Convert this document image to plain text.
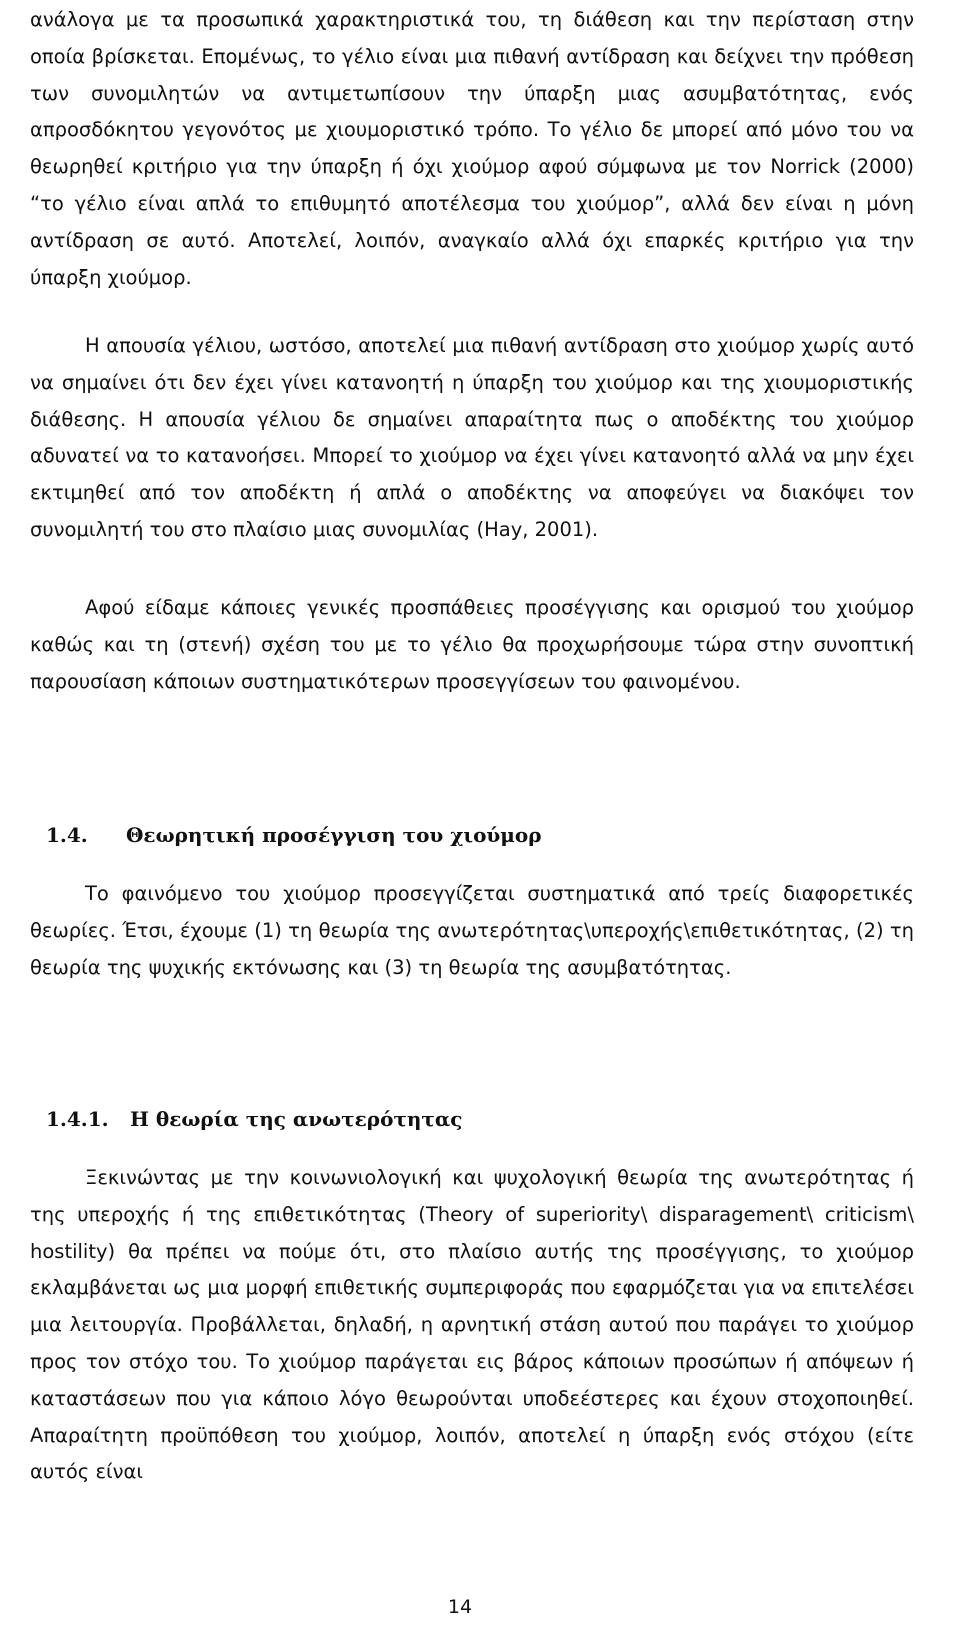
ανάλογα με τα προσωπικά χαρακτηριστικά του, τη διάθεση και την περίσταση στην οποία βρίσκεται. Επομένως, το γέλιο είναι μια πιθανή αντίδραση και δείχνει την πρόθεση των συνομιλητών να αντιμετωπίσουν την ύπαρξη μιας ασυμβατότητας, ενός απροσδόκητου γεγονότος με χιουμοριστικό τρόπο. Το γέλιο δε μπορεί από μόνο του να θεωρηθεί κριτήριο για την ύπαρξη ή όχι χιούμορ αφού σύμφωνα με τον Norrick (2000) “το γέλιο είναι απλά το επιθυμητό αποτέλεσμα του χιούμορ”, αλλά δεν είναι η μόνη αντίδραση σε αυτό. Αποτελεί, λοιπόν, αναγκαίο αλλά όχι επαρκές κριτήριο για την ύπαρξη χιούμορ.

Η απουσία γέλιου, ωστόσο, αποτελεί μια πιθανή αντίδραση στο χιούμορ χωρίς αυτό να σημαίνει ότι δεν έχει γίνει κατανοητή η ύπαρξη του χιούμορ και της χιουμοριστικής διάθεσης. Η απουσία γέλιου δε σημαίνει απαραίτητα πως ο αποδέκτης του χιούμορ αδυνατεί να το κατανοήσει. Μπορεί το χιούμορ να έχει γίνει κατανοητό αλλά να μην έχει εκτιμηθεί από τον αποδέκτη ή απλά ο αποδέκτης να αποφεύγει να διακόψει τον συνομιλητή του στο πλαίσιο μιας συνομιλίας (Hay, 2001).

Αφού είδαμε κάποιες γενικές προσπάθειες προσέγγισης και ορισμού του χιούμορ καθώς και τη (στενή) σχέση του με το γέλιο θα προχωρήσουμε τώρα στην συνοπτική παρουσίαση κάποιων συστηματικότερων προσεγγίσεων του φαινομένου.

1.4. Θεωρητική προσέγγιση του χιούμορ

Το φαινόμενο του χιούμορ προσεγγίζεται συστηματικά από τρείς διαφορετικές θεωρίες. Έτσι, έχουμε (1) τη θεωρία της ανωτερότητας\υπεροχής\επιθετικότητας, (2) τη θεωρία της ψυχικής εκτόνωσης και (3) τη θεωρία της ασυμβατότητας.

1.4.1. Η θεωρία της ανωτερότητας

Ξεκινώντας με την κοινωνιολογική και ψυχολογική θεωρία της ανωτερότητας ή της υπεροχής ή της επιθετικότητας (Theory of superiority\ disparagement\ criticism\ hostility) θα πρέπει να πούμε ότι, στο πλαίσιο αυτής της προσέγγισης, το χιούμορ εκλαμβάνεται ως μια μορφή επιθετικής συμπεριφοράς που εφαρμόζεται για να επιτελέσει μια λειτουργία. Προβάλλεται, δηλαδή, η αρνητική στάση αυτού που παράγει το χιούμορ προς τον στόχο του. Το χιούμορ παράγεται εις βάρος κάποιων προσώπων ή απόψεων ή καταστάσεων που για κάποιο λόγο θεωρούνται υποδεέστερες και έχουν στοχοποιηθεί. Απαραίτητη προϋπόθεση του χιούμορ, λοιπόν, αποτελεί η ύπαρξη ενός στόχου (είτε αυτός είναι

14
